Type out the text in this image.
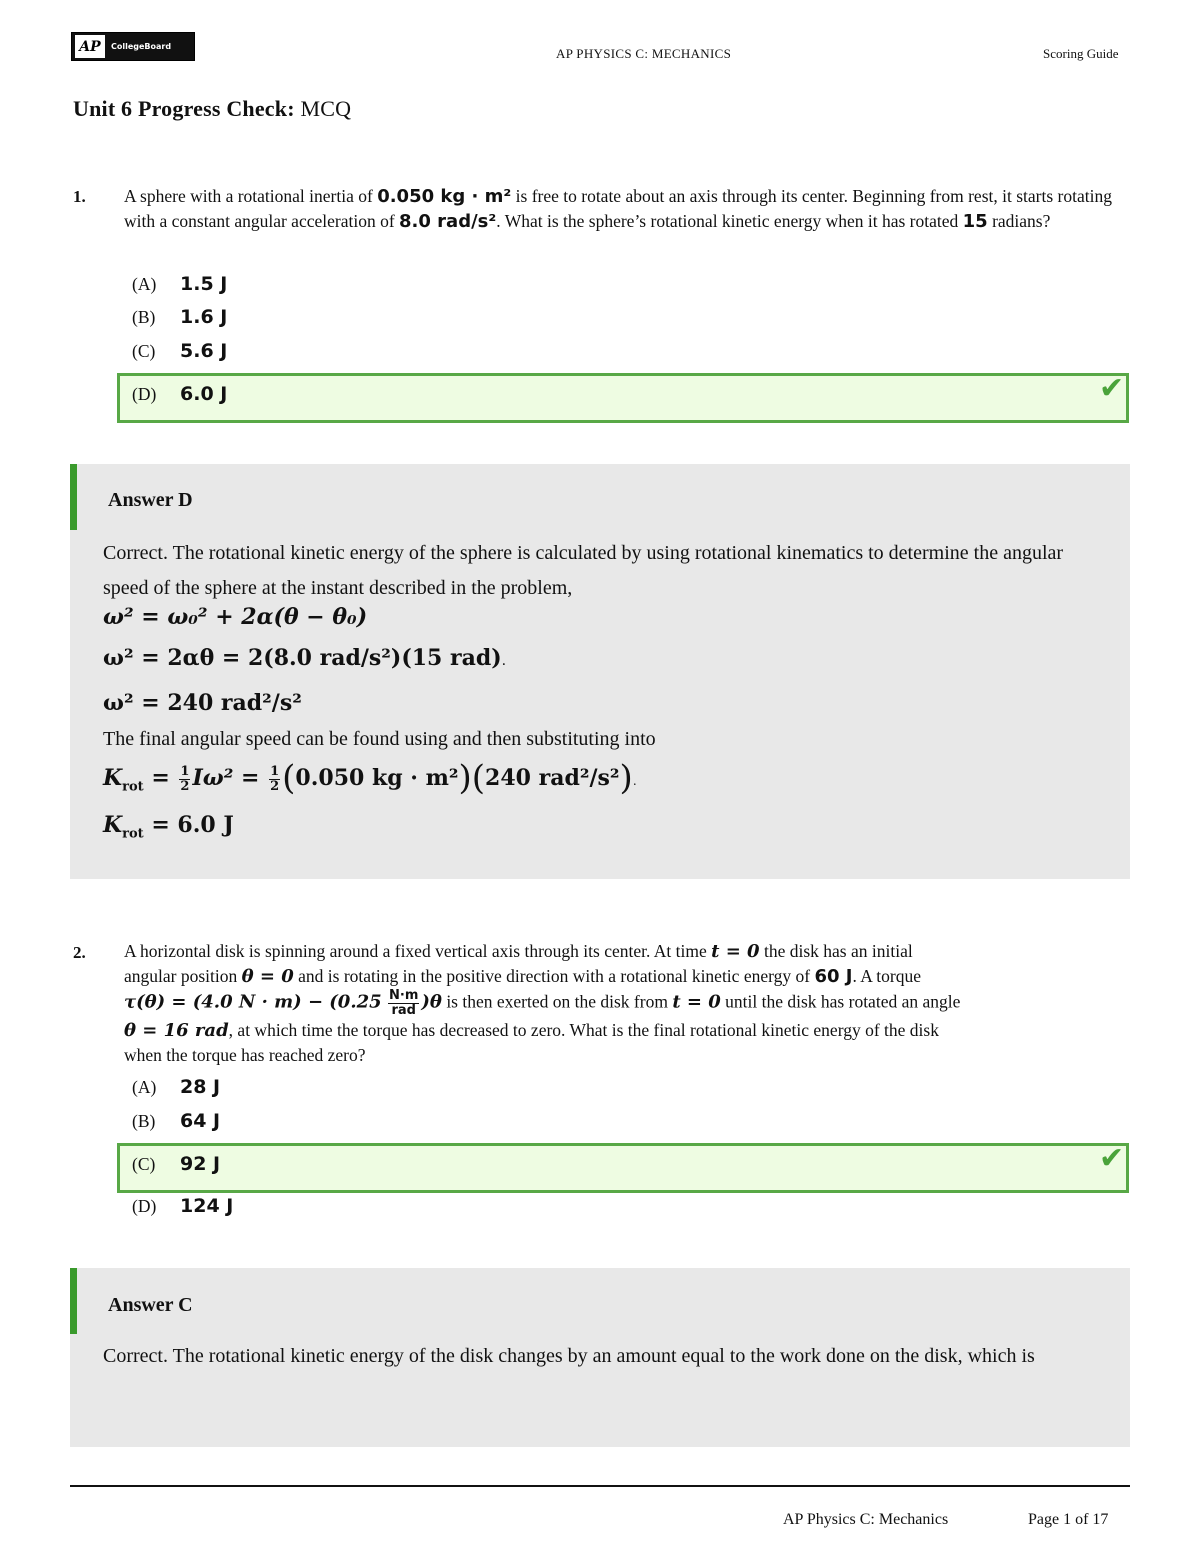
AP	CollegeBoard	AP PHYSICS C: MECHANICS	Scoring Guide
Unit 6 Progress Check: MCQ
1. A sphere with a rotational inertia of 0.050 kg · m² is free to rotate about an axis through its center. Beginning from rest, it starts rotating with a constant angular acceleration of 8.0 rad/s². What is the sphere’s rotational kinetic energy when it has rotated 15 radians?
(A)	1.5 J
(B)	1.6 J
(C)	5.6 J
(D)	6.0 J	✔
Answer D
Correct. The rotational kinetic energy of the sphere is calculated by using rotational kinematics to determine the angular speed of the sphere at the instant described in the problem,
ω² = ω₀² + 2α(θ − θ₀)
ω² = 2αθ = 2(8.0 rad/s²)(15 rad).
ω² = 240 rad²/s²
The final angular speed can be found using and then substituting into
$K_{rot} = \frac{1}{2} I\omega^2 = \frac{1}{2} (0.050$ kg · m²)(240 rad²/s²).
$K_{rot} = 6.0$ J
2. A horizontal disk is spinning around a fixed vertical axis through its center. At time t = 0 the disk has an initial
angular position θ = 0 and is rotating in the positive direction with a rotational kinetic energy of 60 J. A torque
τ(θ) = (4.0 $N \cdot m) - (0.25 \frac{N\cdot m}{\text{rad}} )\theta$ is then exerted on the disk from t = 0 until the disk has rotated an angle
θ = 16 rad, at which time the torque has decreased to zero. What is the final rotational kinetic energy of the disk
when the torque has reached zero?
(A)	28 J
(B)	64 J
(C)	92 J	✔
(D)	124 J
Answer C
Correct. The rotational kinetic energy of the disk changes by an amount equal to the work done on the disk, which is
AP Physics C: Mechanics	Page 1 of 17
